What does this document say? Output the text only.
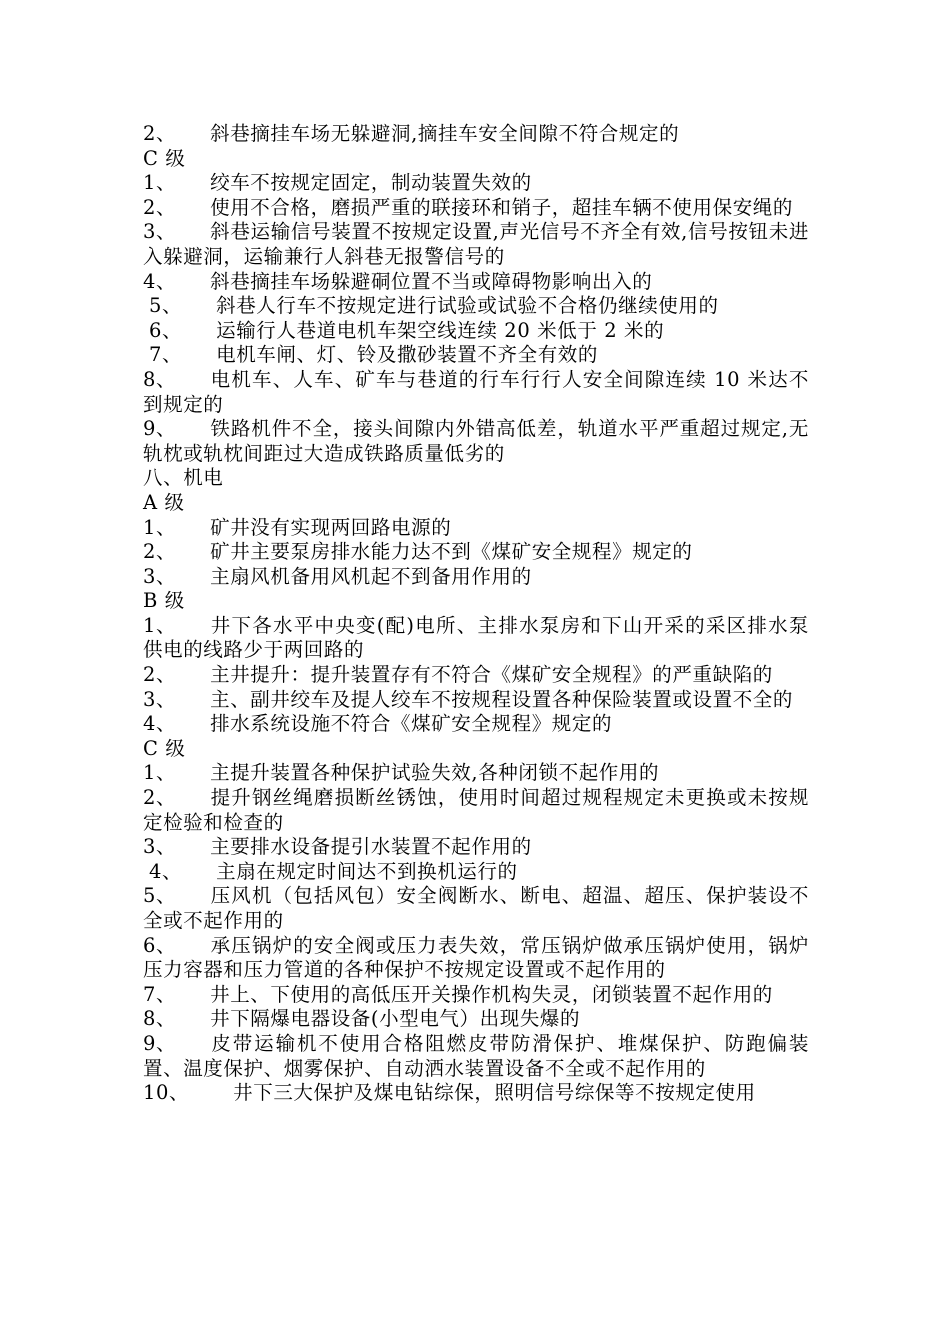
2、 斜巷摘挂车场无躲避洞,摘挂车安全间隙不符合规定的
C 级
1、 绞车不按规定固定，制动装置失效的
2、 使用不合格，磨损严重的联接环和销子，超挂车辆不使用保安绳的
3、 斜巷运输信号装置不按规定设置,声光信号不齐全有效,信号按钮未进入躲避洞，运输兼行人斜巷无报警信号的
4、 斜巷摘挂车场躲避硐位置不当或障碍物影响出入的
5、 斜巷人行车不按规定进行试验或试验不合格仍继续使用的
6、 运输行人巷道电机车架空线连续 20 米低于 2 米的
7、 电机车闸、灯、铃及撒砂装置不齐全有效的
8、 电机车、人车、矿车与巷道的行车行行人安全间隙连续 10 米达不到规定的
9、 铁路机件不全，接头间隙内外错高低差，轨道水平严重超过规定,无轨枕或轨枕间距过大造成铁路质量低劣的
八、机电
A 级
1、 矿井没有实现两回路电源的
2、 矿井主要泵房排水能力达不到《煤矿安全规程》规定的
3、 主扇风机备用风机起不到备用作用的
B 级
1、 井下各水平中央变(配)电所、主排水泵房和下山开采的采区排水泵供电的线路少于两回路的
2、 主井提升：提升装置存有不符合《煤矿安全规程》的严重缺陷的
3、 主、副井绞车及提人绞车不按规程设置各种保险装置或设置不全的
4、 排水系统设施不符合《煤矿安全规程》规定的
C 级
1、 主提升装置各种保护试验失效,各种闭锁不起作用的
2、 提升钢丝绳磨损断丝锈蚀，使用时间超过规程规定未更换或未按规定检验和检查的
3、 主要排水设备提引水装置不起作用的
4、 主扇在规定时间达不到换机运行的
5、 压风机（包括风包）安全阀断水、断电、超温、超压、保护装设不全或不起作用的
6、 承压锅炉的安全阀或压力表失效，常压锅炉做承压锅炉使用，锅炉压力容器和压力管道的各种保护不按规定设置或不起作用的
7、 井上、下使用的高低压开关操作机构失灵，闭锁装置不起作用的
8、 井下隔爆电器设备(小型电气）出现失爆的
9、 皮带运输机不使用合格阻燃皮带防滑保护、堆煤保护、防跑偏装置、温度保护、烟雾保护、自动洒水装置设备不全或不起作用的
10、 井下三大保护及煤电钻综保，照明信号综保等不按规定使用
